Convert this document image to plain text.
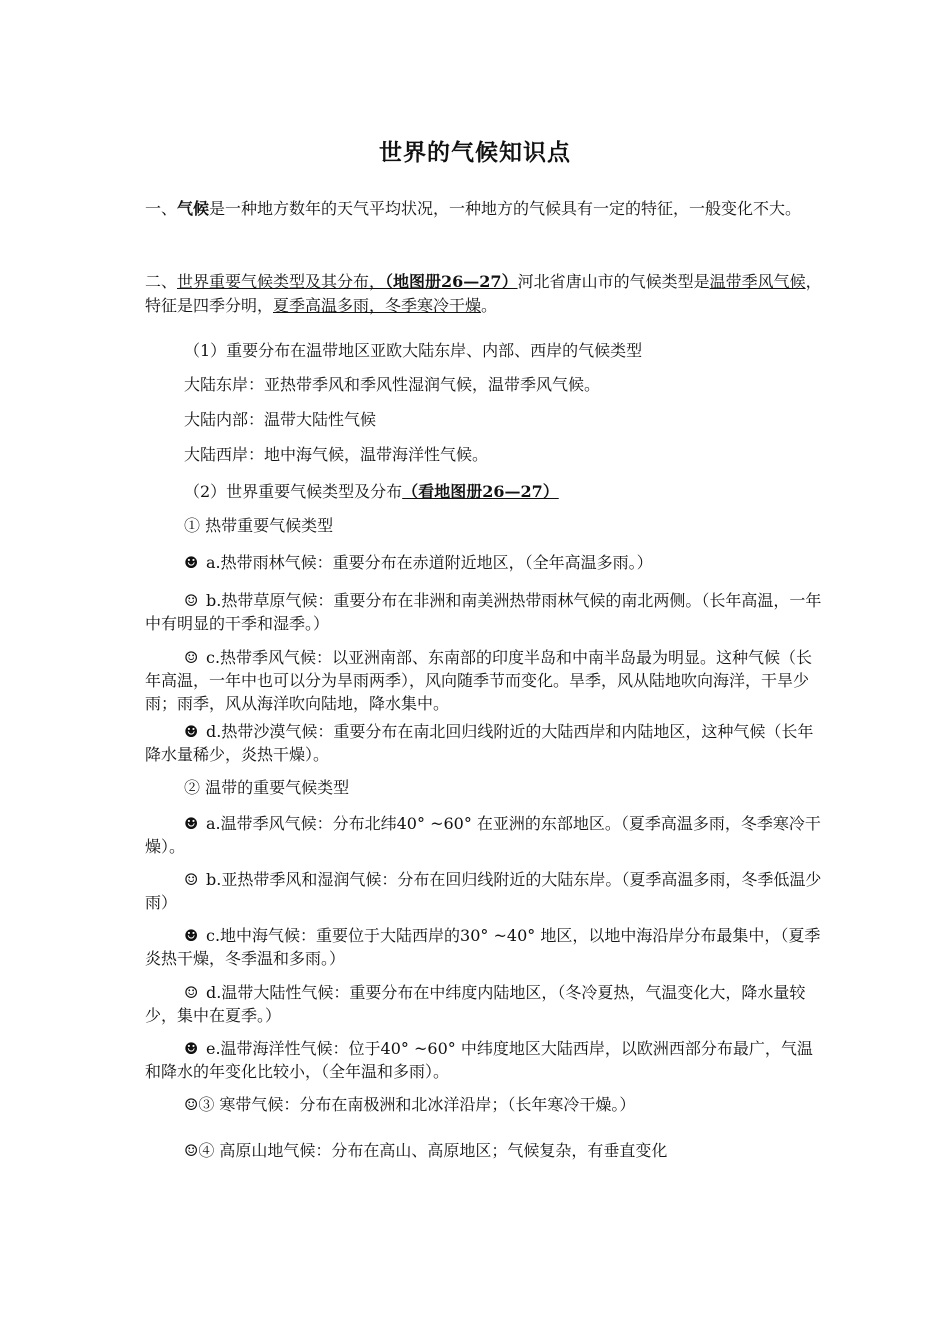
世界的气候知识点

一、气候是一种地方数年的天气平均状况，一种地方的气候具有一定的特征，一般变化不大。

二、世界重要气候类型及其分布，（地图册26—27）河北省唐山市的气候类型是温带季风气候，特征是四季分明，夏季高温多雨，冬季寒冷干燥。

（1）重要分布在温带地区亚欧大陆东岸、内部、西岸的气候类型

大陆东岸：亚热带季风和季风性湿润气候，温带季风气候。

大陆内部：温带大陆性气候

大陆西岸：地中海气候，温带海洋性气候。

（2）世界重要气候类型及分布（看地图册26—27）

① 热带重要气候类型

☻ a.热带雨林气候：重要分布在赤道附近地区，（全年高温多雨。）

☺ b.热带草原气候：重要分布在非洲和南美洲热带雨林气候的南北两侧。（长年高温，一年中有明显的干季和湿季。）

☺ c.热带季风气候：以亚洲南部、东南部的印度半岛和中南半岛最为明显。这种气候（长年高温，一年中也可以分为旱雨两季），风向随季节而变化。旱季，风从陆地吹向海洋，干旱少雨；雨季，风从海洋吹向陆地，降水集中。

☻ d.热带沙漠气候：重要分布在南北回归线附近的大陆西岸和内陆地区，这种气候（长年降水量稀少，炎热干燥）。

② 温带的重要气候类型

☻ a.温带季风气候：分布北纬40° ~60° 在亚洲的东部地区。（夏季高温多雨，冬季寒冷干燥）。

☺ b.亚热带季风和湿润气候：分布在回归线附近的大陆东岸。（夏季高温多雨，冬季低温少雨）

☻ c.地中海气候：重要位于大陆西岸的30° ~40° 地区，以地中海沿岸分布最集中，（夏季炎热干燥，冬季温和多雨。）

☺ d.温带大陆性气候：重要分布在中纬度内陆地区，（冬冷夏热，气温变化大，降水量较少，集中在夏季。）

☻ e.温带海洋性气候：位于40° ~60° 中纬度地区大陆西岸，以欧洲西部分布最广，气温和降水的年变化比较小，（全年温和多雨）。

☺③ 寒带气候：分布在南极洲和北冰洋沿岸；（长年寒冷干燥。）

☺④ 高原山地气候：分布在高山、高原地区；气候复杂，有垂直变化
